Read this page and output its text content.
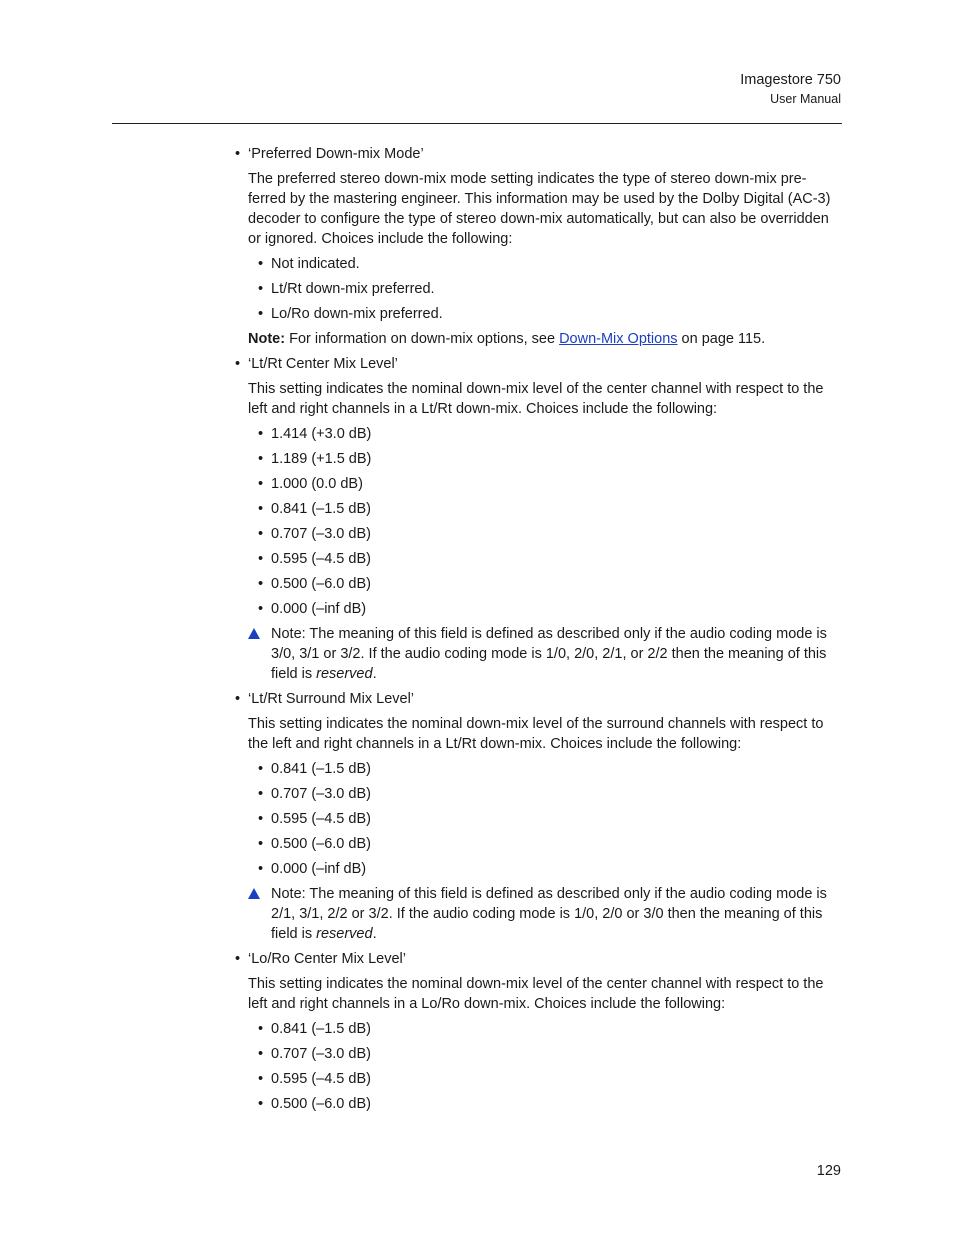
Imagestore 750
User Manual
• ‘Preferred Down-mix Mode’
The preferred stereo down-mix mode setting indicates the type of stereo down-mix pre-
ferred by the mastering engineer. This information may be used by the Dolby Digital (AC-3)
decoder to configure the type of stereo down-mix automatically, but can also be overridden
or ignored. Choices include the following:
• Not indicated.
• Lt/Rt down-mix preferred.
• Lo/Ro down-mix preferred.
Note: For information on down-mix options, see Down-Mix Options on page 115.
• ‘Lt/Rt Center Mix Level’
This setting indicates the nominal down-mix level of the center channel with respect to the
left and right channels in a Lt/Rt down-mix. Choices include the following:
• 1.414 (+3.0 dB)
• 1.189 (+1.5 dB)
• 1.000 (0.0 dB)
• 0.841 (–1.5 dB)
• 0.707 (–3.0 dB)
• 0.595 (–4.5 dB)
• 0.500 (–6.0 dB)
• 0.000 (–inf dB)
Note: The meaning of this field is defined as described only if the audio coding mode is
3/0, 3/1 or 3/2. If the audio coding mode is 1/0, 2/0, 2/1, or 2/2 then the meaning of this
field is reserved.
• ‘Lt/Rt Surround Mix Level’
This setting indicates the nominal down-mix level of the surround channels with respect to
the left and right channels in a Lt/Rt down-mix. Choices include the following:
• 0.841 (–1.5 dB)
• 0.707 (–3.0 dB)
• 0.595 (–4.5 dB)
• 0.500 (–6.0 dB)
• 0.000 (–inf dB)
Note: The meaning of this field is defined as described only if the audio coding mode is
2/1, 3/1, 2/2 or 3/2. If the audio coding mode is 1/0, 2/0 or 3/0 then the meaning of this
field is reserved.
• ‘Lo/Ro Center Mix Level’
This setting indicates the nominal down-mix level of the center channel with respect to the
left and right channels in a Lo/Ro down-mix. Choices include the following:
• 0.841 (–1.5 dB)
• 0.707 (–3.0 dB)
• 0.595 (–4.5 dB)
• 0.500 (–6.0 dB)
129
